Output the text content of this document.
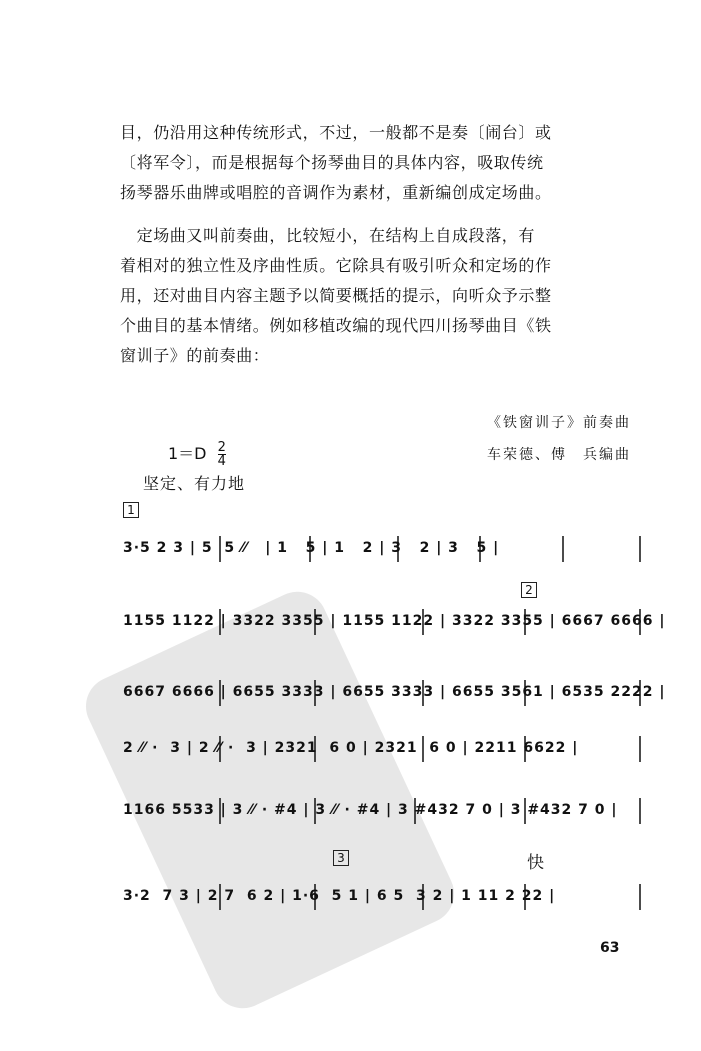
目，仍沿用这种传统形式，不过，一般都不是奏〔闹台〕或
〔将军令〕，而是根据每个扬琴曲目的具体内容，吸取传统
扬琴器乐曲牌或唱腔的音调作为素材，重新编创成定场曲。
　定场曲又叫前奏曲，比较短小，在结构上自成段落，有
着相对的独立性及序曲性质。它除具有吸引听众和定场的作
用，还对曲目内容主题予以简要概括的提示，向听众予示整
个曲目的基本情绪。例如移植改编的现代四川扬琴曲目《铁
窗训子》的前奏曲：
《铁窗训子》前奏曲
车荣德、傅　兵编曲
$1=D \frac{2}{4}$
坚定、有力地
1
2
3	快
3·5 2 3 | 5  5 ⁄⁄   | 1   5 | 1   2 | 3   2 | 3   5 |
1155 1122 | 3322 3355 | 1155 1122 | 3322 3355 | 6667 6666 |
6667 6666 | 6655 3333 | 6655 3333 | 6655 3561 | 6535 2222 |
2 ⁄⁄ ·  3 | 2 ⁄⁄ ·  3 | 2321  6 0 | 2321  6 0 | 2211 6622 |
1166 5533 | 3 ⁄⁄ · #4 | 3 ⁄⁄ · #4 | 3 #432 7 0 | 3 #432 7 0 |
3·2  7 3 | 2 7  6 2 | 1·6  5 1 | 6 5  3 2 | 1 11 2 22 |
63
